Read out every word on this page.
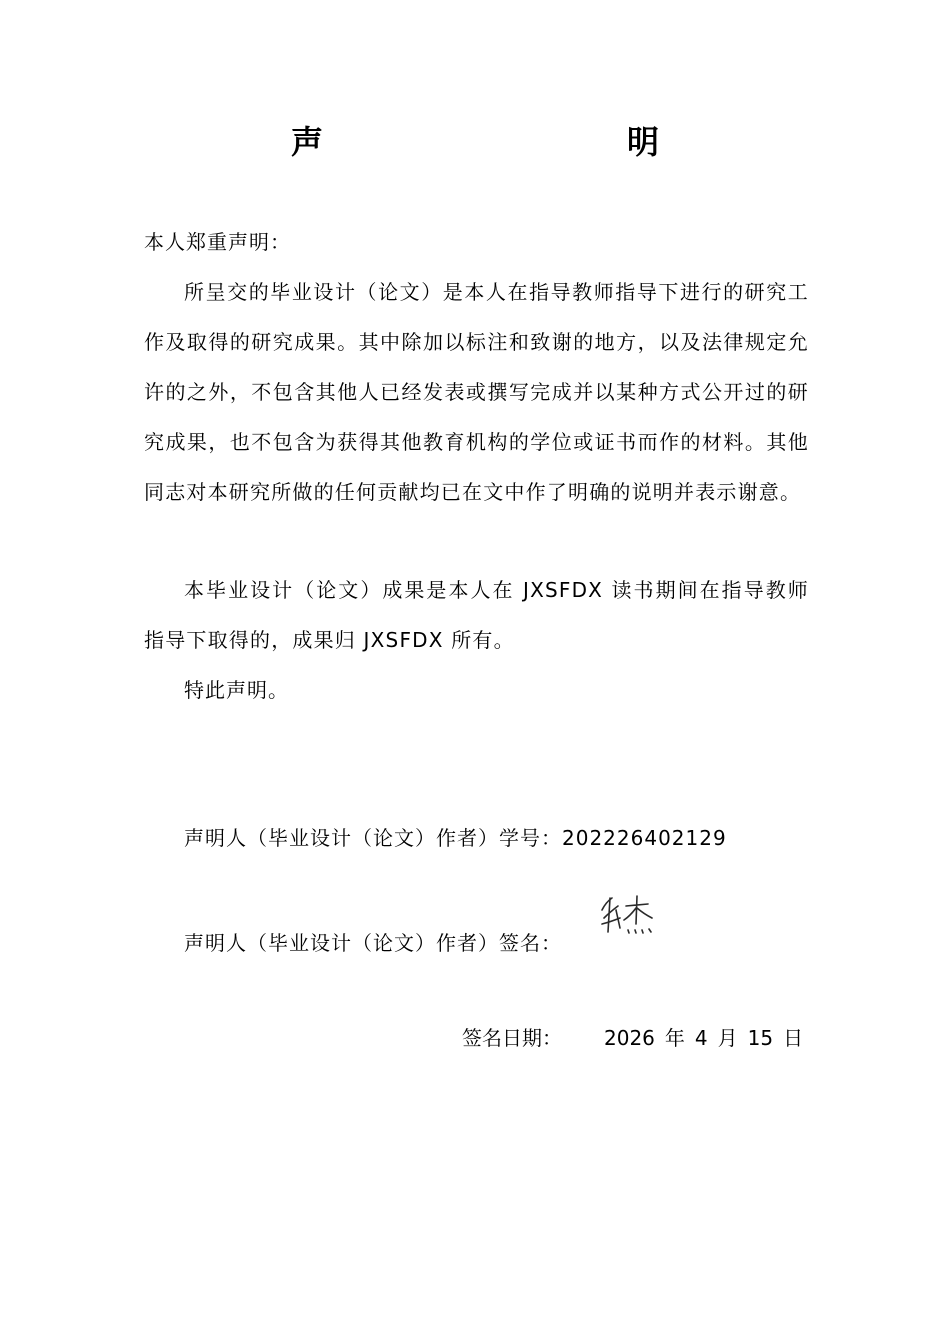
声　　明
本人郑重声明：
所呈交的毕业设计（论文）是本人在指导教师指导下进行的研究工作及取得的研究成果。其中除加以标注和致谢的地方，以及法律规定允许的之外，不包含其他人已经发表或撰写完成并以某种方式公开过的研究成果，也不包含为获得其他教育机构的学位或证书而作的材料。其他同志对本研究所做的任何贡献均已在文中作了明确的说明并表示谢意。
本毕业设计（论文）成果是本人在 JXSFDX 读书期间在指导教师指导下取得的，成果归 JXSFDX 所有。
特此声明。
声明人（毕业设计（论文）作者）学号：202226402129
声明人（毕业设计（论文）作者）签名：
签名日期： 2026 年 4 月 15 日
